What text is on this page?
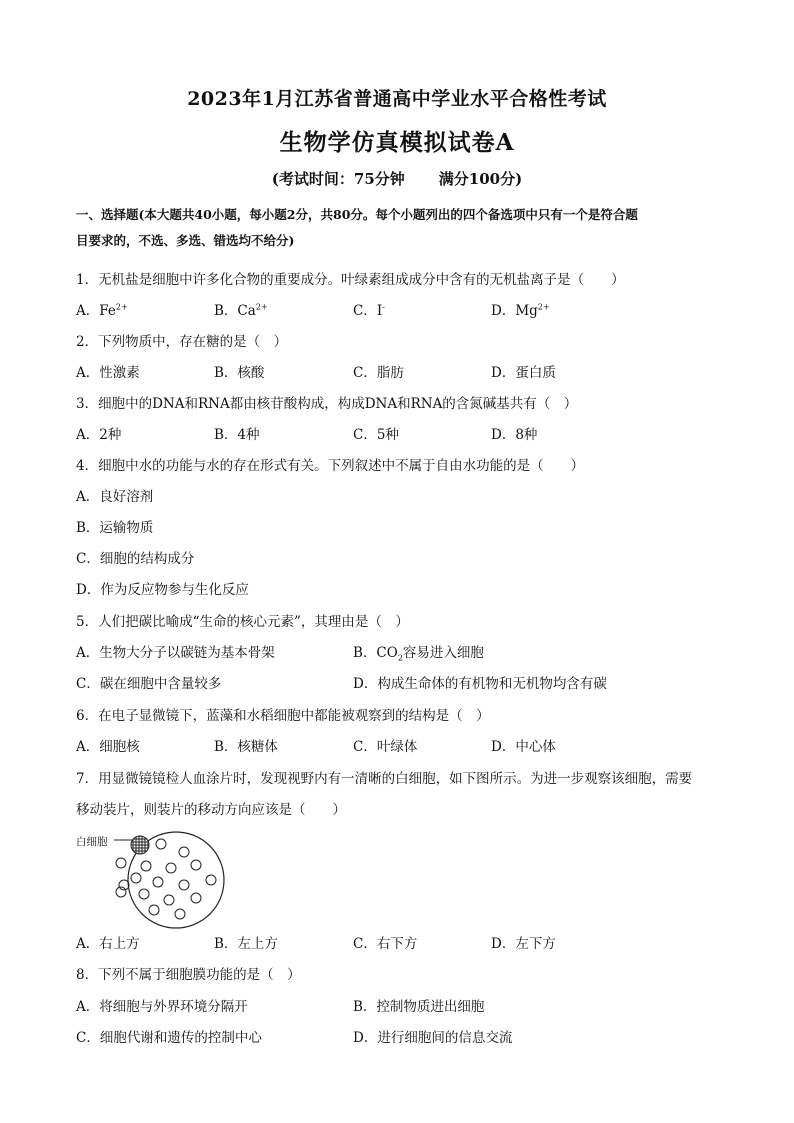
2023年1月江苏省普通高中学业水平合格性考试
生物学仿真模拟试卷A
(考试时间：75分钟 满分100分)
一、选择题(本大题共40小题，每小题2分，共80分。每个小题列出的四个备选项中只有一个是符合题
目要求的，不选、多选、错选均不给分)
1．无机盐是细胞中许多化合物的重要成分。叶绿素组成成分中含有的无机盐离子是（　　）
A．$Fe^{2+}$	B．$Ca^{2+}$	C．I-	D．$Mg^{2+}$
2．下列物质中，存在糖的是（　）
A．性激素	B．核酸	C．脂肪	D．蛋白质
3．细胞中的DNA和RNA都由核苷酸构成，构成DNA和RNA的含氮碱基共有（　）
A．2种	B．4种	C．5种	D．8种
4．细胞中水的功能与水的存在形式有关。下列叙述中不属于自由水功能的是（　　）
A．良好溶剂
B．运输物质
C．细胞的结构成分
D．作为反应物参与生化反应
5．人们把碳比喻成“生命的核心元素”，其理由是（　）
A．生物大分子以碳链为基本骨架	B．$CO_2$容易进入细胞
C．碳在细胞中含量较多	D．构成生命体的有机物和无机物均含有碳
6．在电子显微镜下，蓝藻和水稻细胞中都能被观察到的结构是（　）
A．细胞核	B．核糖体	C．叶绿体	D．中心体
7．用显微镜镜检人血涂片时，发现视野内有一清晰的白细胞，如下图所示。为进一步观察该细胞，需要
移动装片，则装片的移动方向应该是（　　）
白细胞
A．右上方	B．左上方	C．右下方	D．左下方
8．下列不属于细胞膜功能的是（　）
A．将细胞与外界环境分隔开	B．控制物质进出细胞
C．细胞代谢和遗传的控制中心	D．进行细胞间的信息交流
